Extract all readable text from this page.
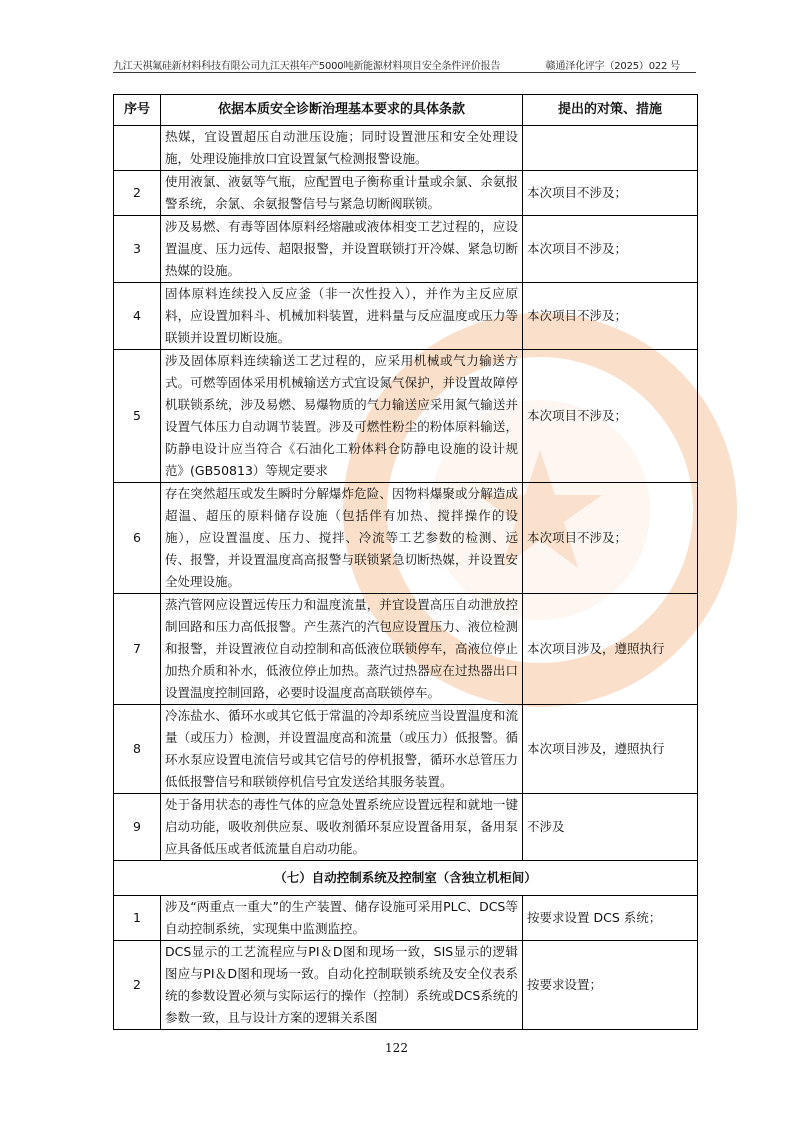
九江天祺氟硅新材料科技有限公司九江天祺年产5000吨新能源材料项目安全条件评价报告	赣通泽化评字（2025）022 号
序号	依据本质安全诊断治理基本要求的具体条款	提出的对策、措施
	热媒，宜设置超压自动泄压设施；同时设置泄压和安全处理设施，处理设施排放口宜设置氯气检测报警设施。	
2	使用液氯、液氨等气瓶，应配置电子衡称重计量或余氯、余氨报警系统，余氯、余氨报警信号与紧急切断阀联锁。	本次项目不涉及；
3	涉及易燃、有毒等固体原料经熔融或液体相变工艺过程的，应设置温度、压力远传、超限报警，并设置联锁打开冷媒、紧急切断热媒的设施。	本次项目不涉及；
4	固体原料连续投入反应釜（非一次性投入），并作为主反应原料，应设置加料斗、机械加料装置，进料量与反应温度或压力等联锁并设置切断设施。	本次项目不涉及；
5	涉及固体原料连续输送工艺过程的，应采用机械或气力输送方式。可燃等固体采用机械输送方式宜设氮气保护，并设置故障停机联锁系统，涉及易燃、易爆物质的气力输送应采用氮气输送并设置气体压力自动调节装置。涉及可燃性粉尘的粉体原料输送，防静电设计应当符合《石油化工粉体料仓防静电设施的设计规范》(GB50813）等规定要求	本次项目不涉及；
6	存在突然超压或发生瞬时分解爆炸危险、因物料爆聚或分解造成超温、超压的原料储存设施（包括伴有加热、搅拌操作的设施），应设置温度、压力、搅拌、冷流等工艺参数的检测、远传、报警，并设置温度高高报警与联锁紧急切断热媒，并设置安全处理设施。	本次项目不涉及；
7	蒸汽管网应设置远传压力和温度流量，并宜设置高压自动泄放控制回路和压力高低报警。产生蒸汽的汽包应设置压力、液位检测和报警，并设置液位自动控制和高低液位联锁停车，高液位停止加热介质和补水，低液位停止加热。蒸汽过热器应在过热器出口设置温度控制回路，必要时设温度高高联锁停车。	本次项目涉及，遵照执行
8	冷冻盐水、循环水或其它低于常温的冷却系统应当设置温度和流量（或压力）检测，并设置温度高和流量（或压力）低报警。循环水泵应设置电流信号或其它信号的停机报警，循环水总管压力低低报警信号和联锁停机信号宜发送给其服务装置。	本次项目涉及，遵照执行
9	处于备用状态的毒性气体的应急处置系统应设置远程和就地一键启动功能，吸收剂供应泵、吸收剂循环泵应设置备用泵，备用泵应具备低压或者低流量自启动功能。	不涉及
（七）自动控制系统及控制室（含独立机柜间）		
1	涉及“两重点一重大”的生产装置、储存设施可采用PLC、DCS等自动控制系统，实现集中监测监控。	按要求设置 DCS 系统；
2	DCS显示的工艺流程应与PI＆D图和现场一致，SIS显示的逻辑图应与PI＆D图和现场一致。自动化控制联锁系统及安全仪表系统的参数设置必须与实际运行的操作（控制）系统或DCS系统的参数一致，且与设计方案的逻辑关系图	按要求设置；
122
